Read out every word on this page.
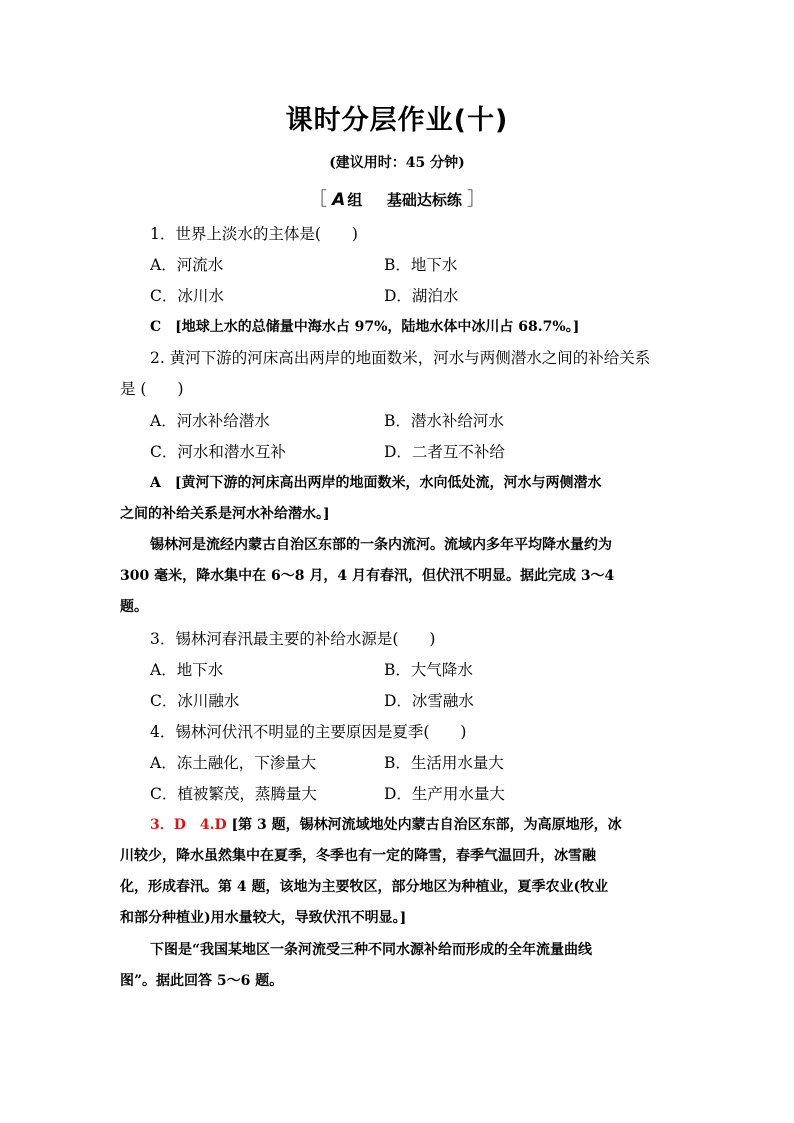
课时分层作业(十)
(建议用时：45 分钟)
［ A 组 基础达标练 ］
1．世界上淡水的主体是(　　)
A．河流水	B．地下水
C．冰川水	D．湖泊水
C　[地球上水的总储量中海水占 97%，陆地水体中冰川占 68.7%。]
2. 黄河下游的河床高出两岸的地面数米，河水与两侧潜水之间的补给关系
是 (　　)
A．河水补给潜水	B．潜水补给河水
C．河水和潜水互补	D．二者互不补给
A　[黄河下游的河床高出两岸的地面数米，水向低处流，河水与两侧潜水
之间的补给关系是河水补给潜水。]
锡林河是流经内蒙古自治区东部的一条内流河。流域内多年平均降水量约为
300 毫米，降水集中在 6～8 月，4 月有春汛，但伏汛不明显。据此完成 3～4
题。
3．锡林河春汛最主要的补给水源是(　　)
A．地下水	B．大气降水
C．冰川融水	D．冰雪融水
4．锡林河伏汛不明显的主要原因是夏季(　　)
A．冻土融化，下渗量大	B．生活用水量大
C．植被繁茂，蒸腾量大	D．生产用水量大
3．D　4.D [第 3 题，锡林河流域地处内蒙古自治区东部，为高原地形，冰
川较少，降水虽然集中在夏季，冬季也有一定的降雪，春季气温回升，冰雪融
化，形成春汛。第 4 题，该地为主要牧区，部分地区为种植业，夏季农业(牧业
和部分种植业)用水量较大，导致伏汛不明显。]
下图是“我国某地区一条河流受三种不同水源补给而形成的全年流量曲线
图”。据此回答 5～6 题。
